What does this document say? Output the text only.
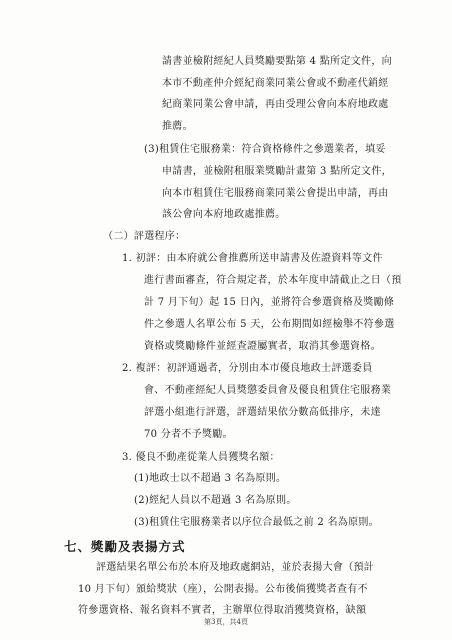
請書並檢附經紀人員獎勵要點第 4 點所定文件，向
本市不動產仲介經紀商業同業公會或不動產代銷經
紀商業同業公會申請，再由受理公會向本府地政處
推薦。
(3)租賃住宅服務業：符合資格條件之參選業者，填妥
申請書，並檢附租服業獎勵計畫第 3 點所定文件，
向本市租賃住宅服務商業同業公會提出申請，再由
該公會向本府地政處推薦。
（二）評選程序：
1. 初評：由本府就公會推薦所送申請書及佐證資料等文件
進行書面審查，符合規定者，於本年度申請截止之日（預
計 7 月下旬）起 15 日內，並將符合參選資格及獎勵條
件之參選人名單公布 5 天，公布期間如經檢舉不符參選
資格或獎勵條件並經查證屬實者，取消其參選資格。
2. 複評：初評通過者，分別由本市優良地政士評選委員
會、不動產經紀人員獎懲委員會及優良租賃住宅服務業
評選小組進行評選，評選結果依分數高低排序，未達
70 分者不予獎勵。
3. 優良不動產從業人員獲獎名額：
(1)地政士以不超過 3 名為原則。
(2)經紀人員以不超過 3 名為原則。
(3)租賃住宅服務業者以序位合最低之前 2 名為原則。
七、獎勵及表揚方式
評選結果名單公布於本府及地政處網站，並於表揚大會（預計
10 月下旬）頒給獎狀（座），公開表揚。公布後倘獲獎者查有不
符參選資格、報名資料不實者，主辦單位得取消獲獎資格，缺額
第3頁，共4頁
